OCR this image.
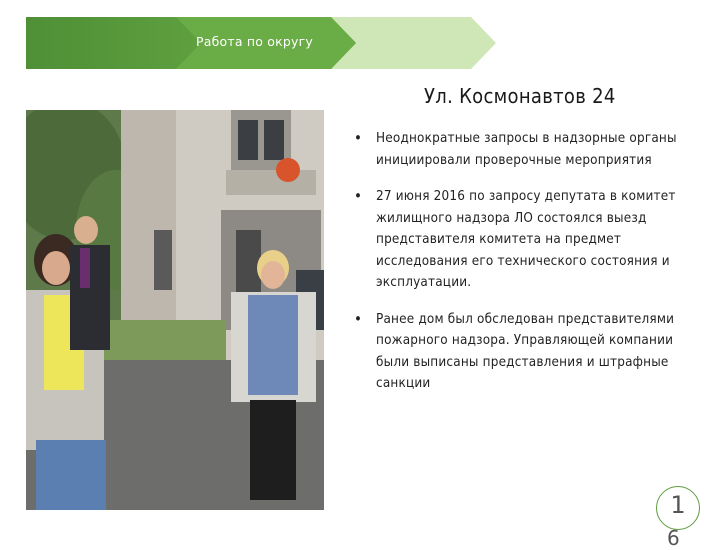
Работа по округу
Ул. Космонавтов 24
• Неоднократные запросы в надзорные органы инициировали проверочные мероприятия
• 27 июня 2016 по запросу депутата в комитет жилищного надзора ЛО состоялся выезд представителя комитета на предмет исследования его технического состояния и эксплуатации.
• Ранее дом был обследован представителями пожарного надзора. Управляющей компании были выписаны представления и штрафные санкции
1
6
